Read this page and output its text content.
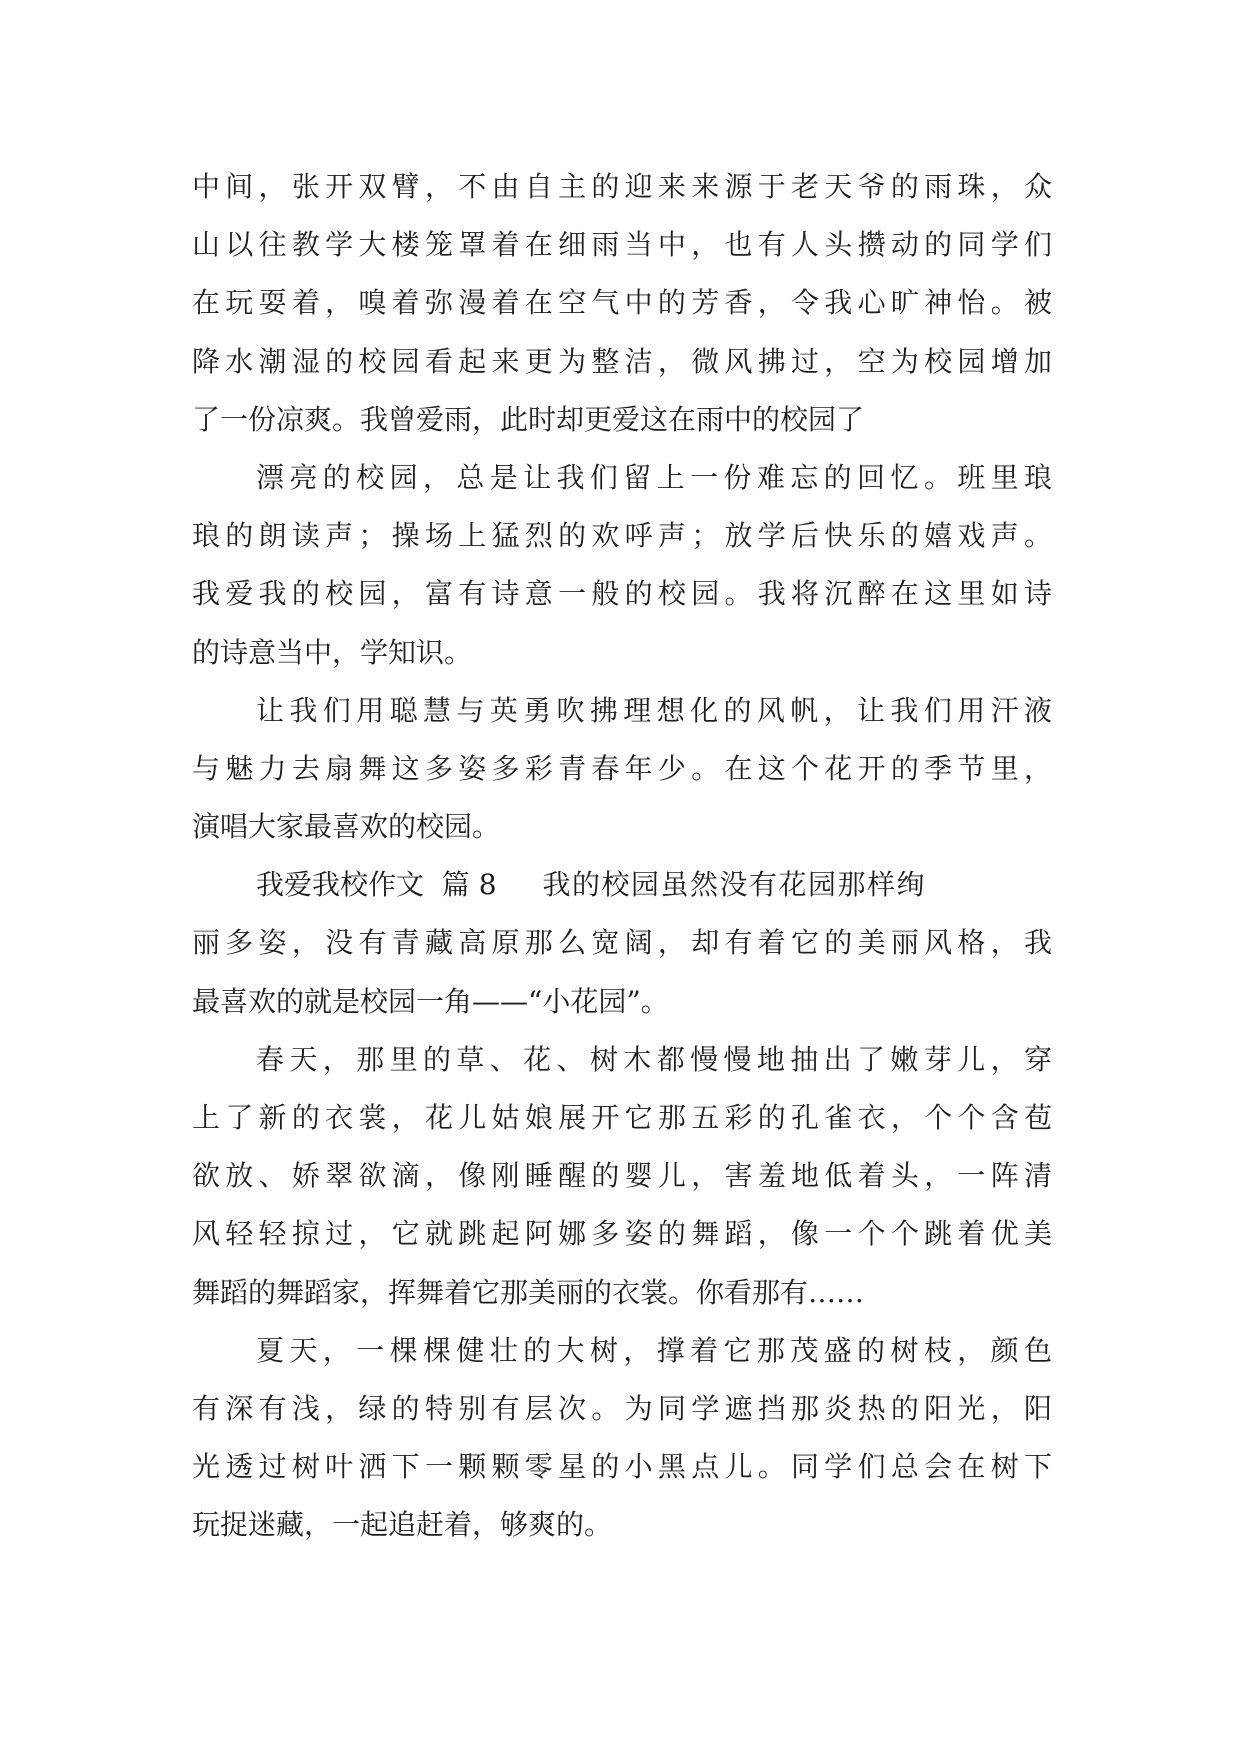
中间，张开双臂，不由自主的迎来来源于老天爷的雨珠，众
山以往教学大楼笼罩着在细雨当中，也有人头攒动的同学们
在玩耍着，嗅着弥漫着在空气中的芳香，令我心旷神怡。被
降水潮湿的校园看起来更为整洁，微风拂过，空为校园增加
了一份凉爽。我曾爱雨，此时却更爱这在雨中的校园了
漂亮的校园，总是让我们留上一份难忘的回忆。班里琅
琅的朗读声；操场上猛烈的欢呼声；放学后快乐的嬉戏声。
我爱我的校园，富有诗意一般的校园。我将沉醉在这里如诗
的诗意当中，学知识。
让我们用聪慧与英勇吹拂理想化的风帆，让我们用汗液
与魅力去扇舞这多姿多彩青春年少。在这个花开的季节里，
演唱大家最喜欢的校园。
我爱我校作文  篇 8 我的校园虽然没有花园那样绚
丽多姿，没有青藏高原那么宽阔，却有着它的美丽风格，我
最喜欢的就是校园一角——“小花园”。
春天，那里的草、花、树木都慢慢地抽出了嫩芽儿，穿
上了新的衣裳，花儿姑娘展开它那五彩的孔雀衣，个个含苞
欲放、娇翠欲滴，像刚睡醒的婴儿，害羞地低着头，一阵清
风轻轻掠过，它就跳起阿娜多姿的舞蹈，像一个个跳着优美
舞蹈的舞蹈家，挥舞着它那美丽的衣裳。你看那有……
夏天，一棵棵健壮的大树，撑着它那茂盛的树枝，颜色
有深有浅，绿的特别有层次。为同学遮挡那炎热的阳光，阳
光透过树叶洒下一颗颗零星的小黑点儿。同学们总会在树下
玩捉迷藏，一起追赶着，够爽的。
